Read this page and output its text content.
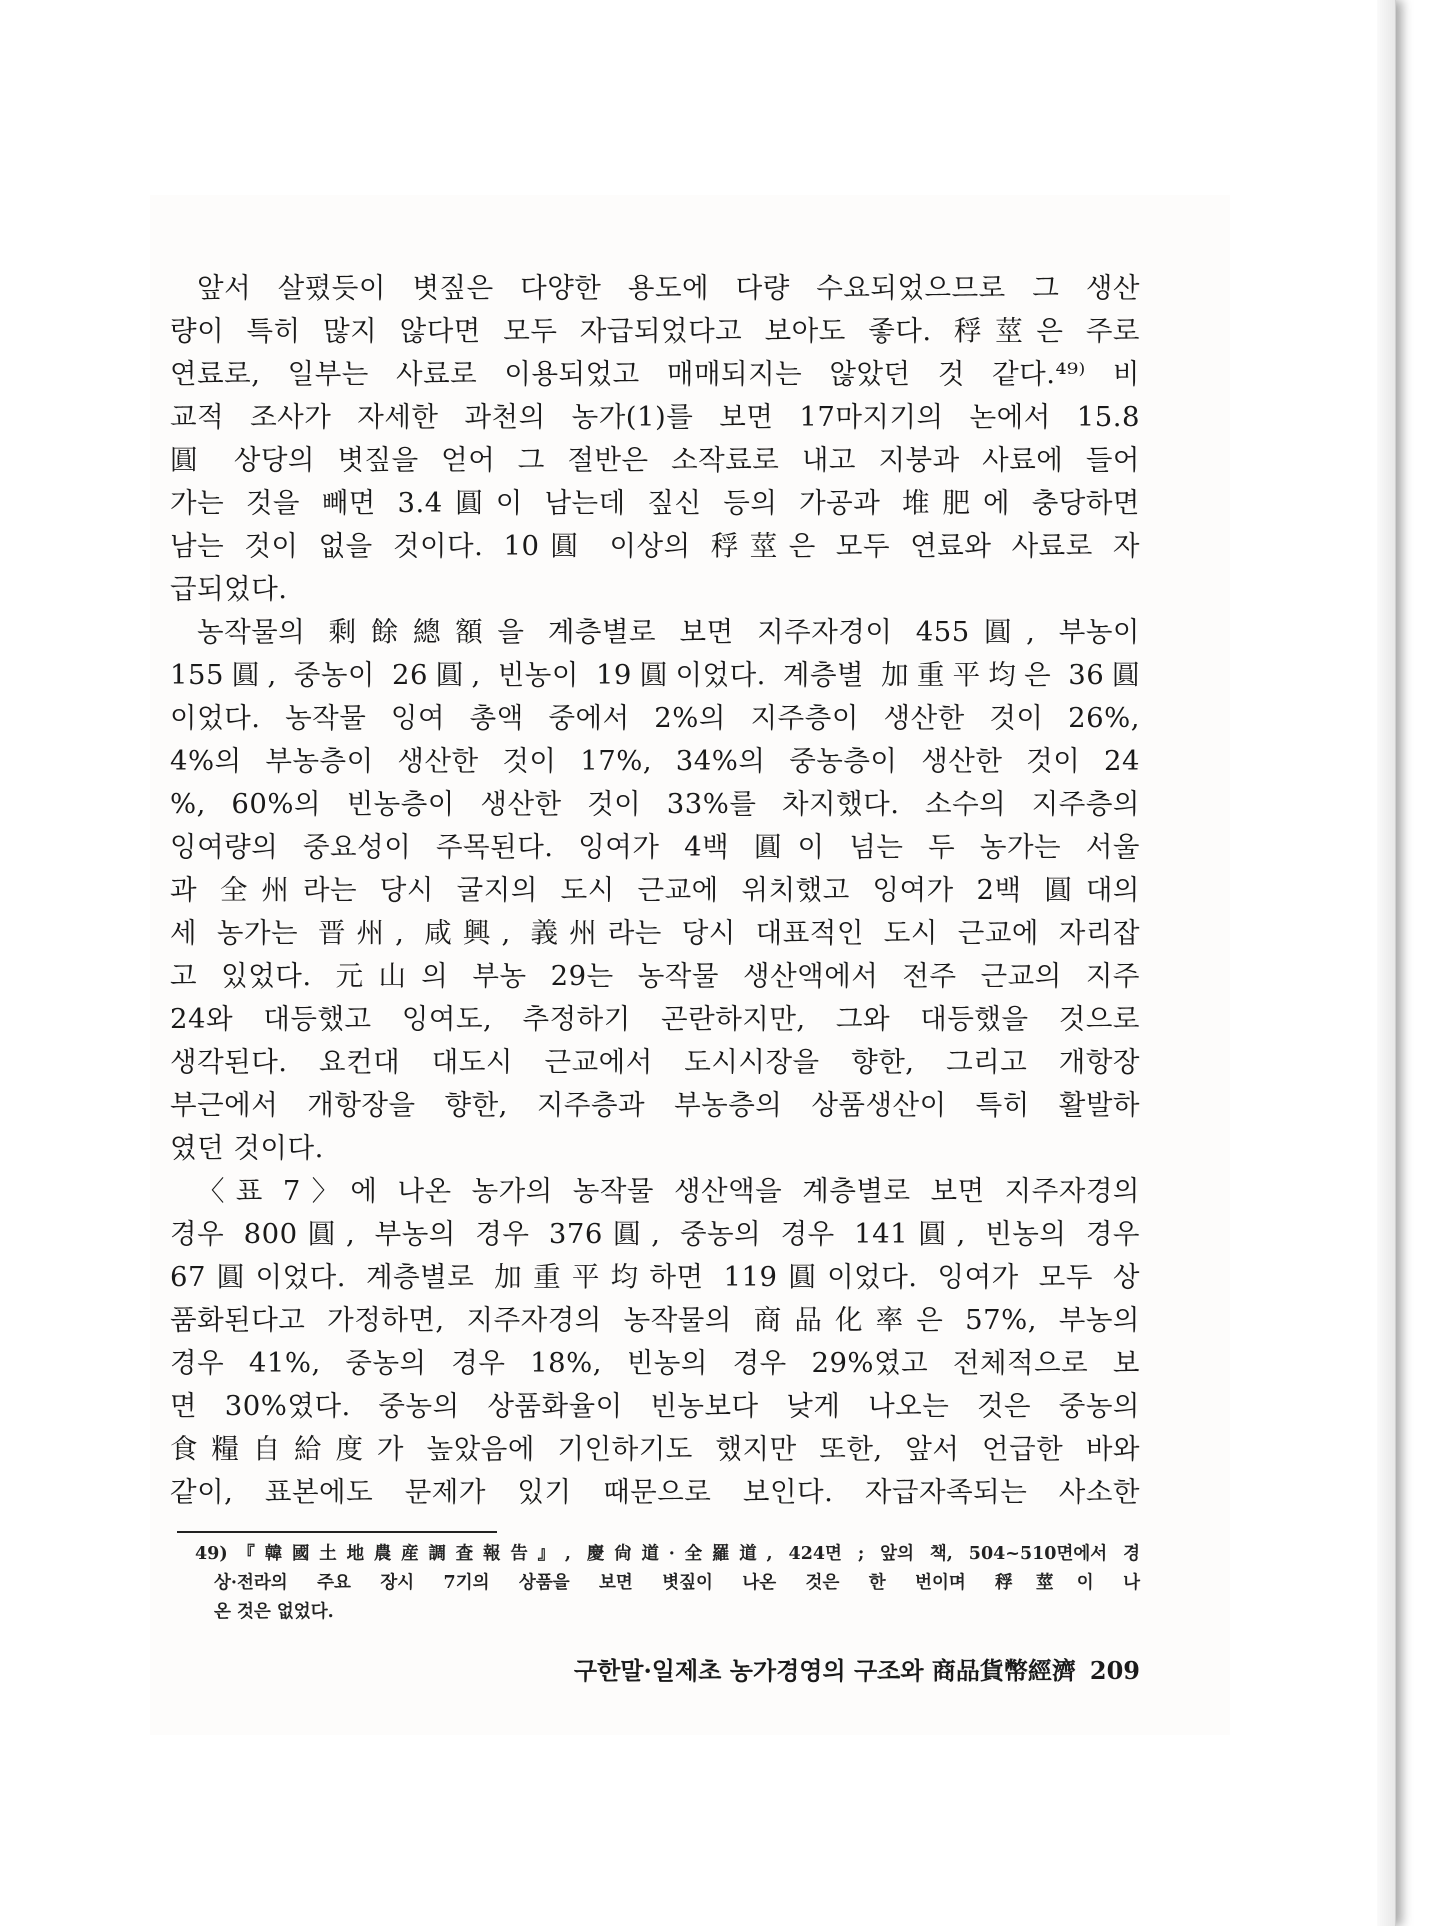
앞서 살폈듯이 볏짚은 다양한 용도에 다량 수요되었으므로 그 생산
량이 특히 많지 않다면 모두 자급되었다고 보아도 좋다. 稃莖은 주로
연료로, 일부는 사료로 이용되었고 매매되지는 않았던 것 같다.⁴⁹⁾ 비
교적 조사가 자세한 과천의 농가(1)를 보면 17마지기의 논에서 15.8
圓 상당의 볏짚을 얻어 그 절반은 소작료로 내고 지붕과 사료에 들어
가는 것을 빼면 3.4圓이 남는데 짚신 등의 가공과 堆肥에 충당하면
남는 것이 없을 것이다. 10圓 이상의 稃莖은 모두 연료와 사료로 자
급되었다.
농작물의 剩餘總額을 계층별로 보면 지주자경이 455圓, 부농이
155圓, 중농이 26圓, 빈농이 19圓이었다. 계층별 加重平均은 36圓
이었다. 농작물 잉여 총액 중에서 2%의 지주층이 생산한 것이 26%,
4%의 부농층이 생산한 것이 17%, 34%의 중농층이 생산한 것이 24
%, 60%의 빈농층이 생산한 것이 33%를 차지했다. 소수의 지주층의
잉여량의 중요성이 주목된다. 잉여가 4백 圓이 넘는 두 농가는 서울
과 全州라는 당시 굴지의 도시 근교에 위치했고 잉여가 2백 圓대의
세 농가는 晋州, 咸興, 義州라는 당시 대표적인 도시 근교에 자리잡
고 있었다. 元山의 부농 29는 농작물 생산액에서 전주 근교의 지주
24와 대등했고 잉여도, 추정하기 곤란하지만, 그와 대등했을 것으로
생각된다. 요컨대 대도시 근교에서 도시시장을 향한, 그리고 개항장
부근에서 개항장을 향한, 지주층과 부농층의 상품생산이 특히 활발하
였던 것이다.
〈표 7〉에 나온 농가의 농작물 생산액을 계층별로 보면 지주자경의
경우 800圓, 부농의 경우 376圓, 중농의 경우 141圓, 빈농의 경우
67圓이었다. 계층별로 加重平均하면 119圓이었다. 잉여가 모두 상
품화된다고 가정하면, 지주자경의 농작물의 商品化率은 57%, 부농의
경우 41%, 중농의 경우 18%, 빈농의 경우 29%였고 전체적으로 보
면 30%였다. 중농의 상품화율이 빈농보다 낮게 나오는 것은 중농의
食糧自給度가 높았음에 기인하기도 했지만 또한, 앞서 언급한 바와
같이, 표본에도 문제가 있기 때문으로 보인다. 자급자족되는 사소한
49)『韓國土地農産調査報告』, 慶尙道·全羅道, 424면 ; 앞의 책, 504~510면에서 경
상·전라의 주요 장시 7기의 상품을 보면 볏짚이 나온 것은 한 번이며 稃莖이 나
온 것은 없었다.
구한말·일제초 농가경영의 구조와 商品貨幣經濟 209
